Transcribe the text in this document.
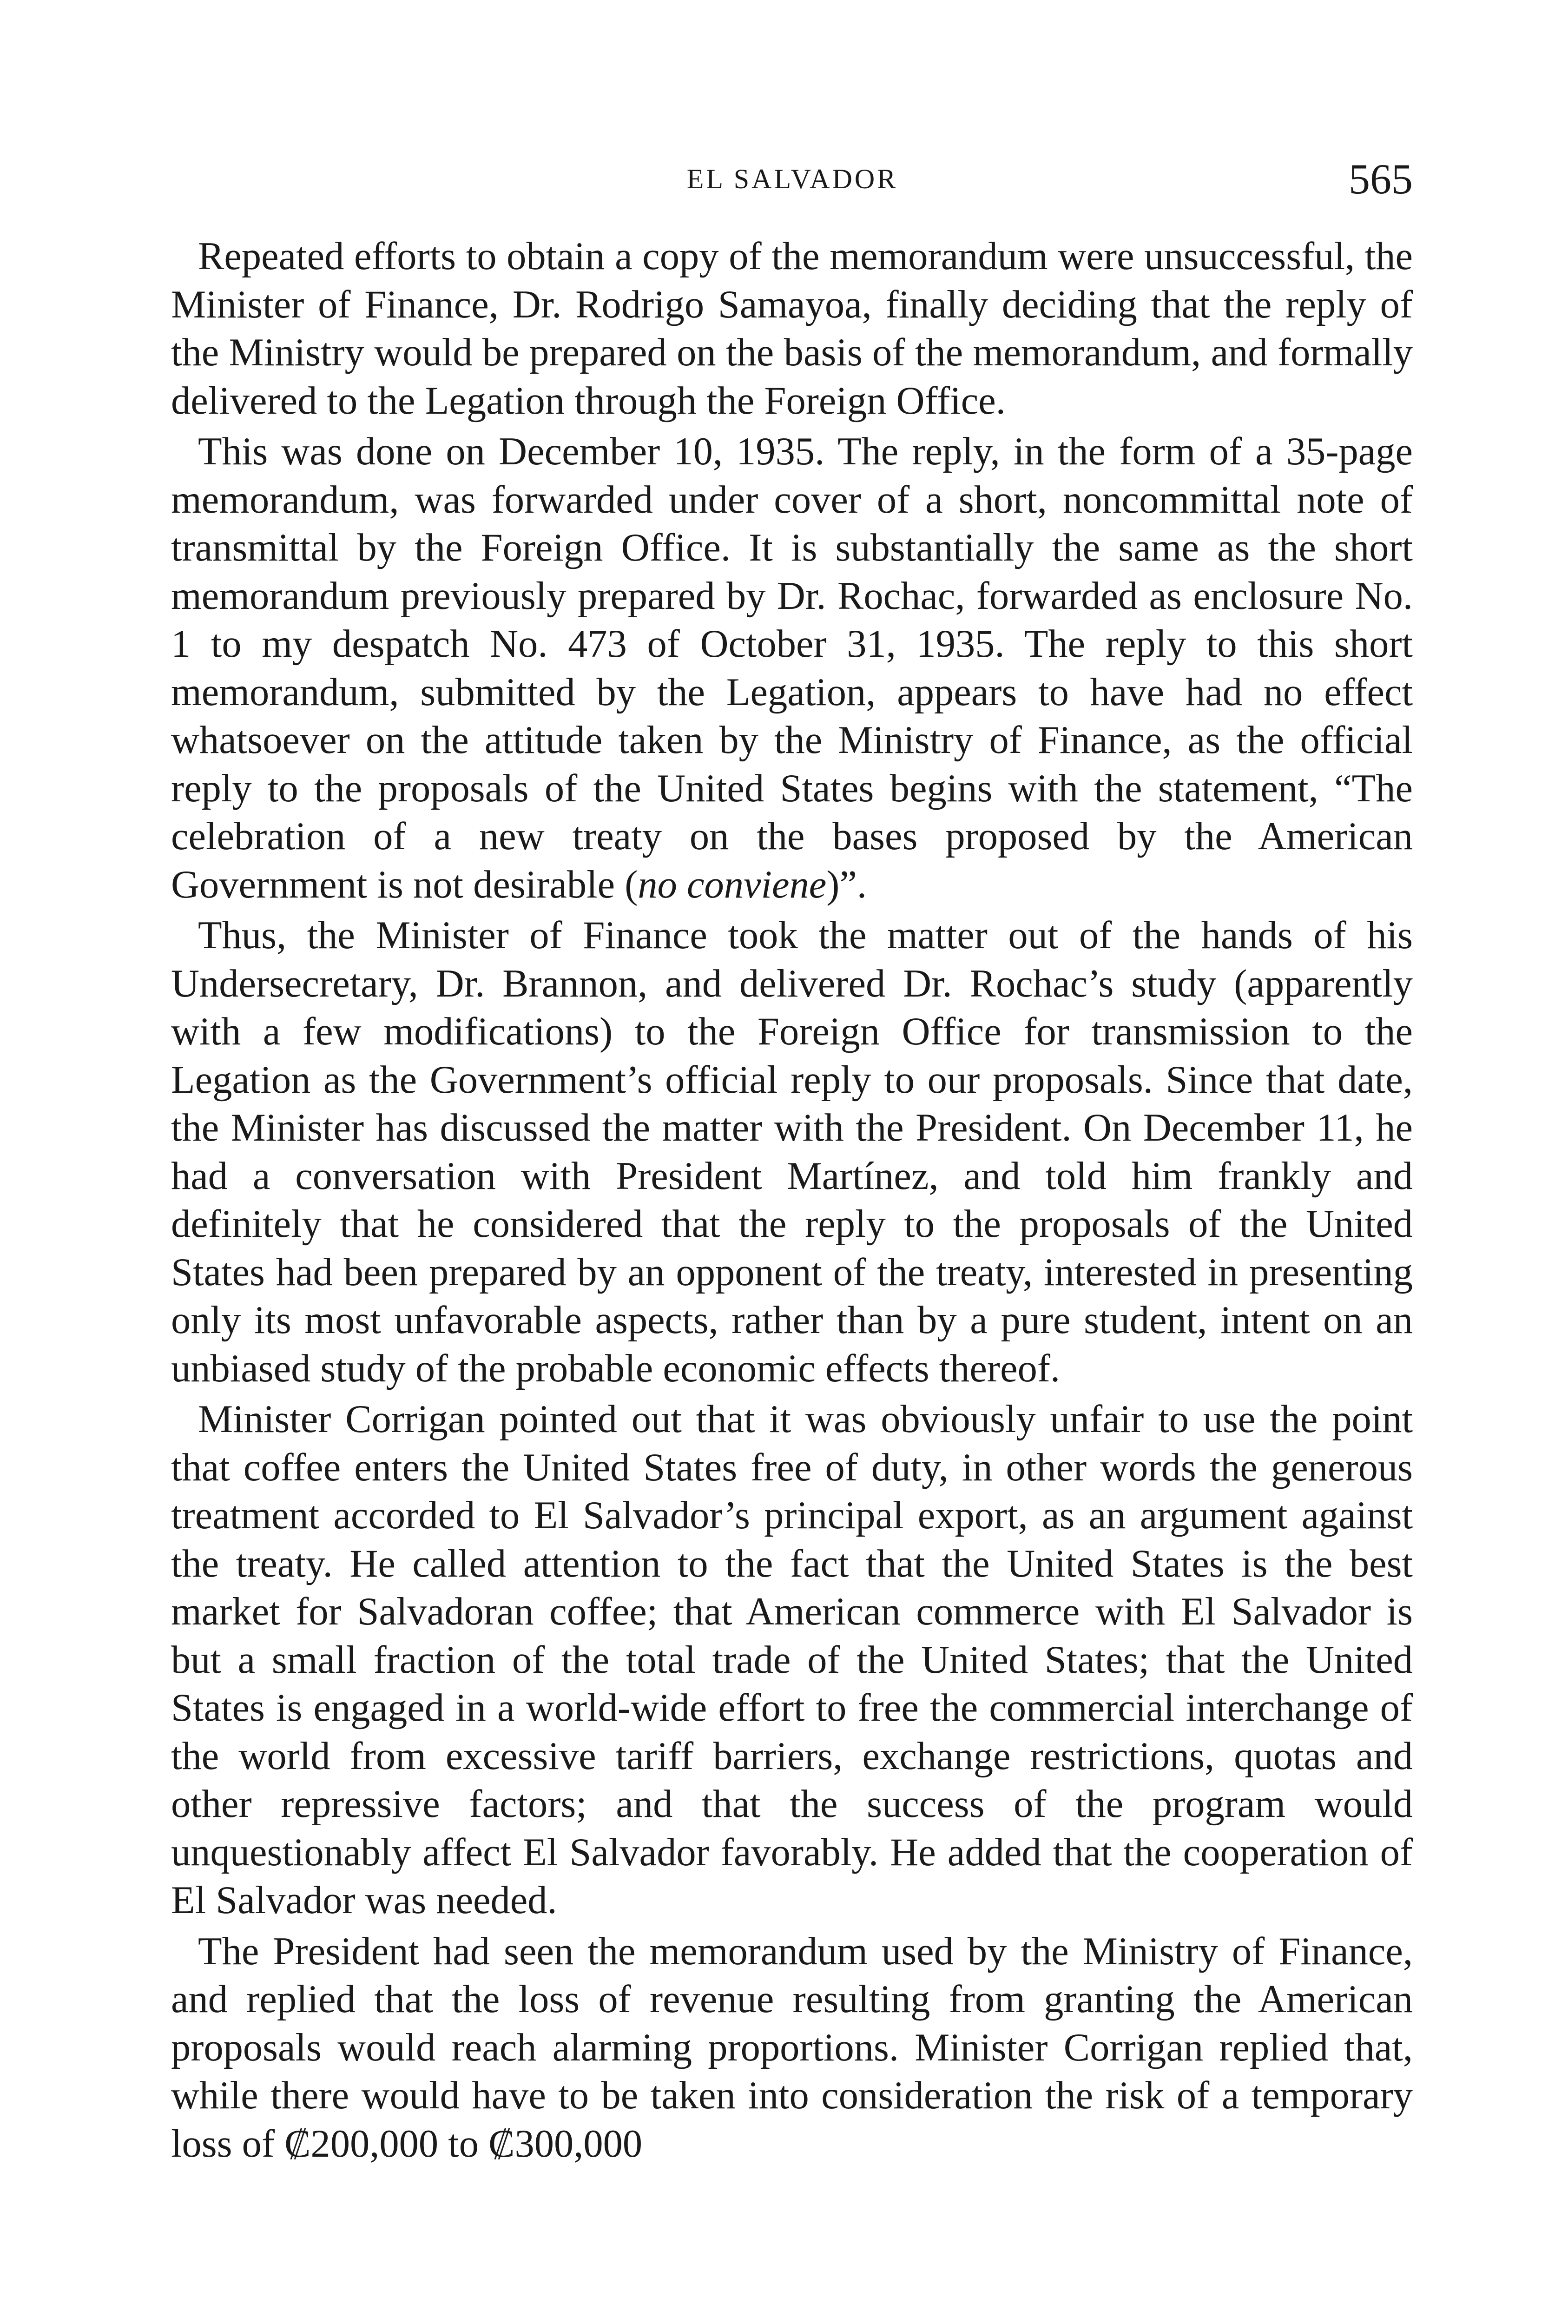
EL SALVADOR	565

Repeated efforts to obtain a copy of the memorandum were unsuccessful, the Minister of Finance, Dr. Rodrigo Samayoa, finally deciding that the reply of the Ministry would be prepared on the basis of the memorandum, and formally delivered to the Legation through the Foreign Office.

This was done on December 10, 1935. The reply, in the form of a 35-page memorandum, was forwarded under cover of a short, noncommittal note of transmittal by the Foreign Office. It is substantially the same as the short memorandum previously prepared by Dr. Rochac, forwarded as enclosure No. 1 to my despatch No. 473 of October 31, 1935. The reply to this short memorandum, submitted by the Legation, appears to have had no effect whatsoever on the attitude taken by the Ministry of Finance, as the official reply to the proposals of the United States begins with the statement, “The celebration of a new treaty on the bases proposed by the American Government is not desirable (no conviene)”.

Thus, the Minister of Finance took the matter out of the hands of his Undersecretary, Dr. Brannon, and delivered Dr. Rochac’s study (apparently with a few modifications) to the Foreign Office for transmission to the Legation as the Government’s official reply to our proposals. Since that date, the Minister has discussed the matter with the President. On December 11, he had a conversation with President Martínez, and told him frankly and definitely that he considered that the reply to the proposals of the United States had been prepared by an opponent of the treaty, interested in presenting only its most unfavorable aspects, rather than by a pure student, intent on an unbiased study of the probable economic effects thereof.

Minister Corrigan pointed out that it was obviously unfair to use the point that coffee enters the United States free of duty, in other words the generous treatment accorded to El Salvador’s principal export, as an argument against the treaty. He called attention to the fact that the United States is the best market for Salvadoran coffee; that American commerce with El Salvador is but a small fraction of the total trade of the United States; that the United States is engaged in a world-wide effort to free the commercial interchange of the world from excessive tariff barriers, exchange restrictions, quotas and other repressive factors; and that the success of the program would unquestionably affect El Salvador favorably. He added that the cooperation of El Salvador was needed.

The President had seen the memorandum used by the Ministry of Finance, and replied that the loss of revenue resulting from granting the American proposals would reach alarming proportions. Minister Corrigan replied that, while there would have to be taken into consideration the risk of a temporary loss of ₡200,000 to ₡300,000
